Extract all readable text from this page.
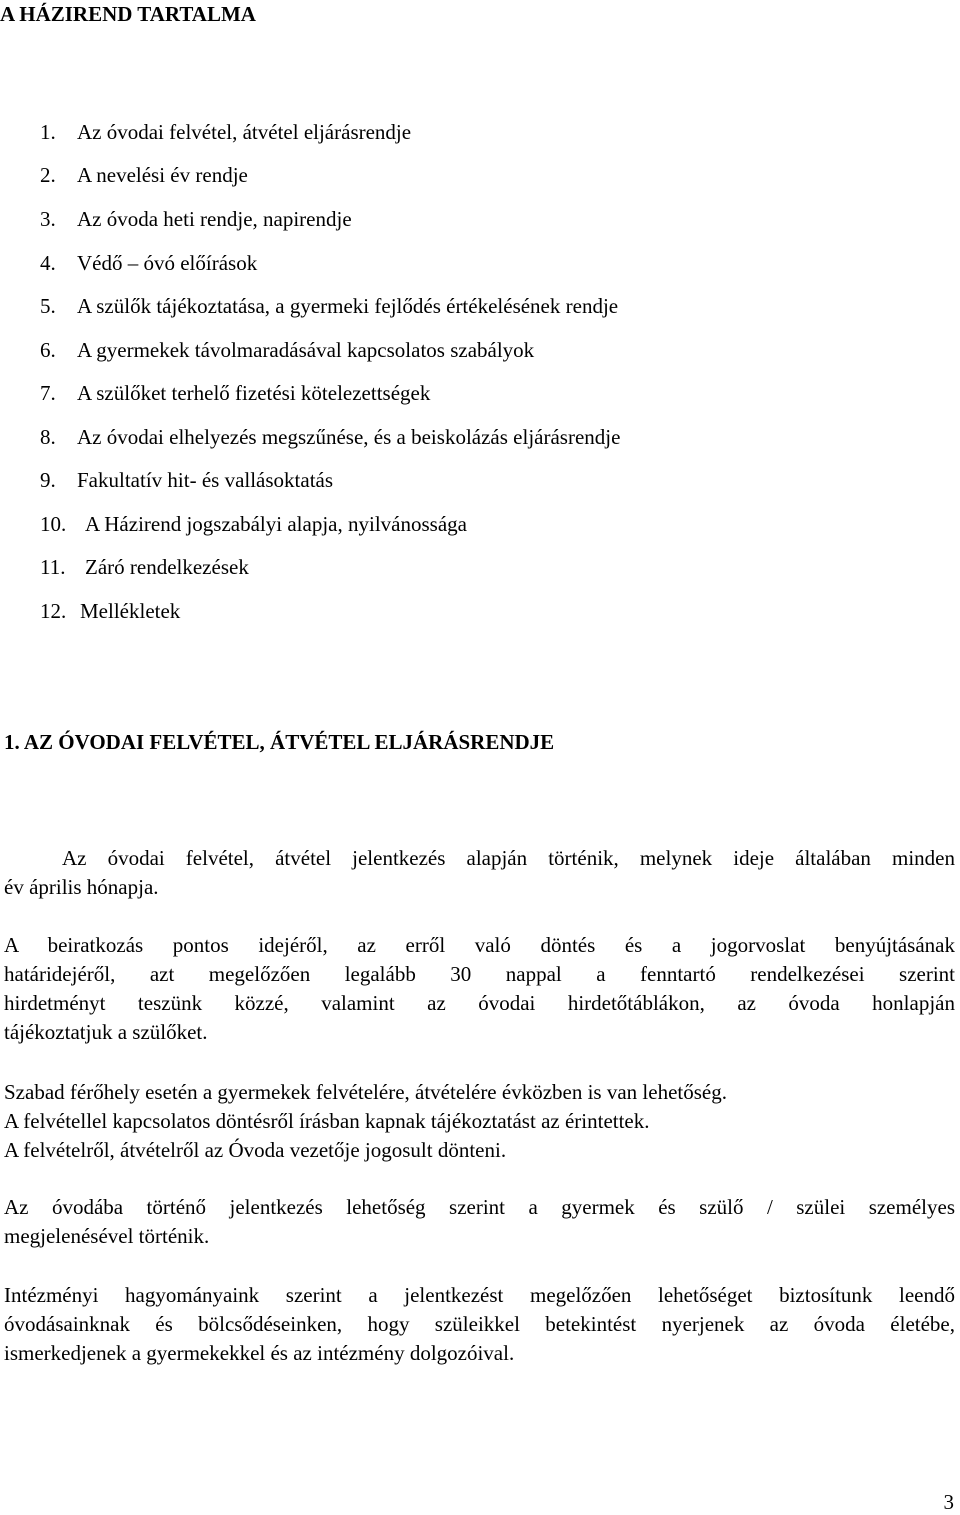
A HÁZIREND TARTALMA
1. Az óvodai felvétel, átvétel eljárásrendje
2. A nevelési év rendje
3. Az óvoda heti rendje, napirendje
4. Védő – óvó előírások
5. A szülők tájékoztatása, a gyermeki fejlődés értékelésének rendje
6. A gyermekek távolmaradásával kapcsolatos szabályok
7. A szülőket terhelő fizetési kötelezettségek
8. Az óvodai elhelyezés megszűnése, és a beiskolázás eljárásrendje
9. Fakultatív hit- és vallásoktatás
10. A Házirend jogszabályi alapja, nyilvánossága
11. Záró rendelkezések
12. Mellékletek
1. AZ ÓVODAI FELVÉTEL, ÁTVÉTEL ELJÁRÁSRENDJE
Az óvodai felvétel, átvétel jelentkezés alapján történik, melynek ideje általában minden
év április hónapja.
A beiratkozás pontos idejéről, az erről való döntés és a jogorvoslat benyújtásának
határidejéről, azt megelőzően legalább 30 nappal a fenntartó rendelkezései szerint
hirdetményt teszünk közzé, valamint az óvodai hirdetőtáblákon, az óvoda honlapján
tájékoztatjuk a szülőket.
Szabad férőhely esetén a gyermekek felvételére, átvételére évközben is van lehetőség.
A felvétellel kapcsolatos döntésről írásban kapnak tájékoztatást az érintettek.
A felvételről, átvételről az Óvoda vezetője jogosult dönteni.
Az óvodába történő jelentkezés lehetőség szerint a gyermek és szülő / szülei személyes
megjelenésével történik.
Intézményi hagyományaink szerint a jelentkezést megelőzően lehetőséget biztosítunk leendő
óvodásainknak és bölcsődéseinken, hogy szüleikkel betekintést nyerjenek az óvoda életébe,
ismerkedjenek a gyermekekkel és az intézmény dolgozóival.
3
